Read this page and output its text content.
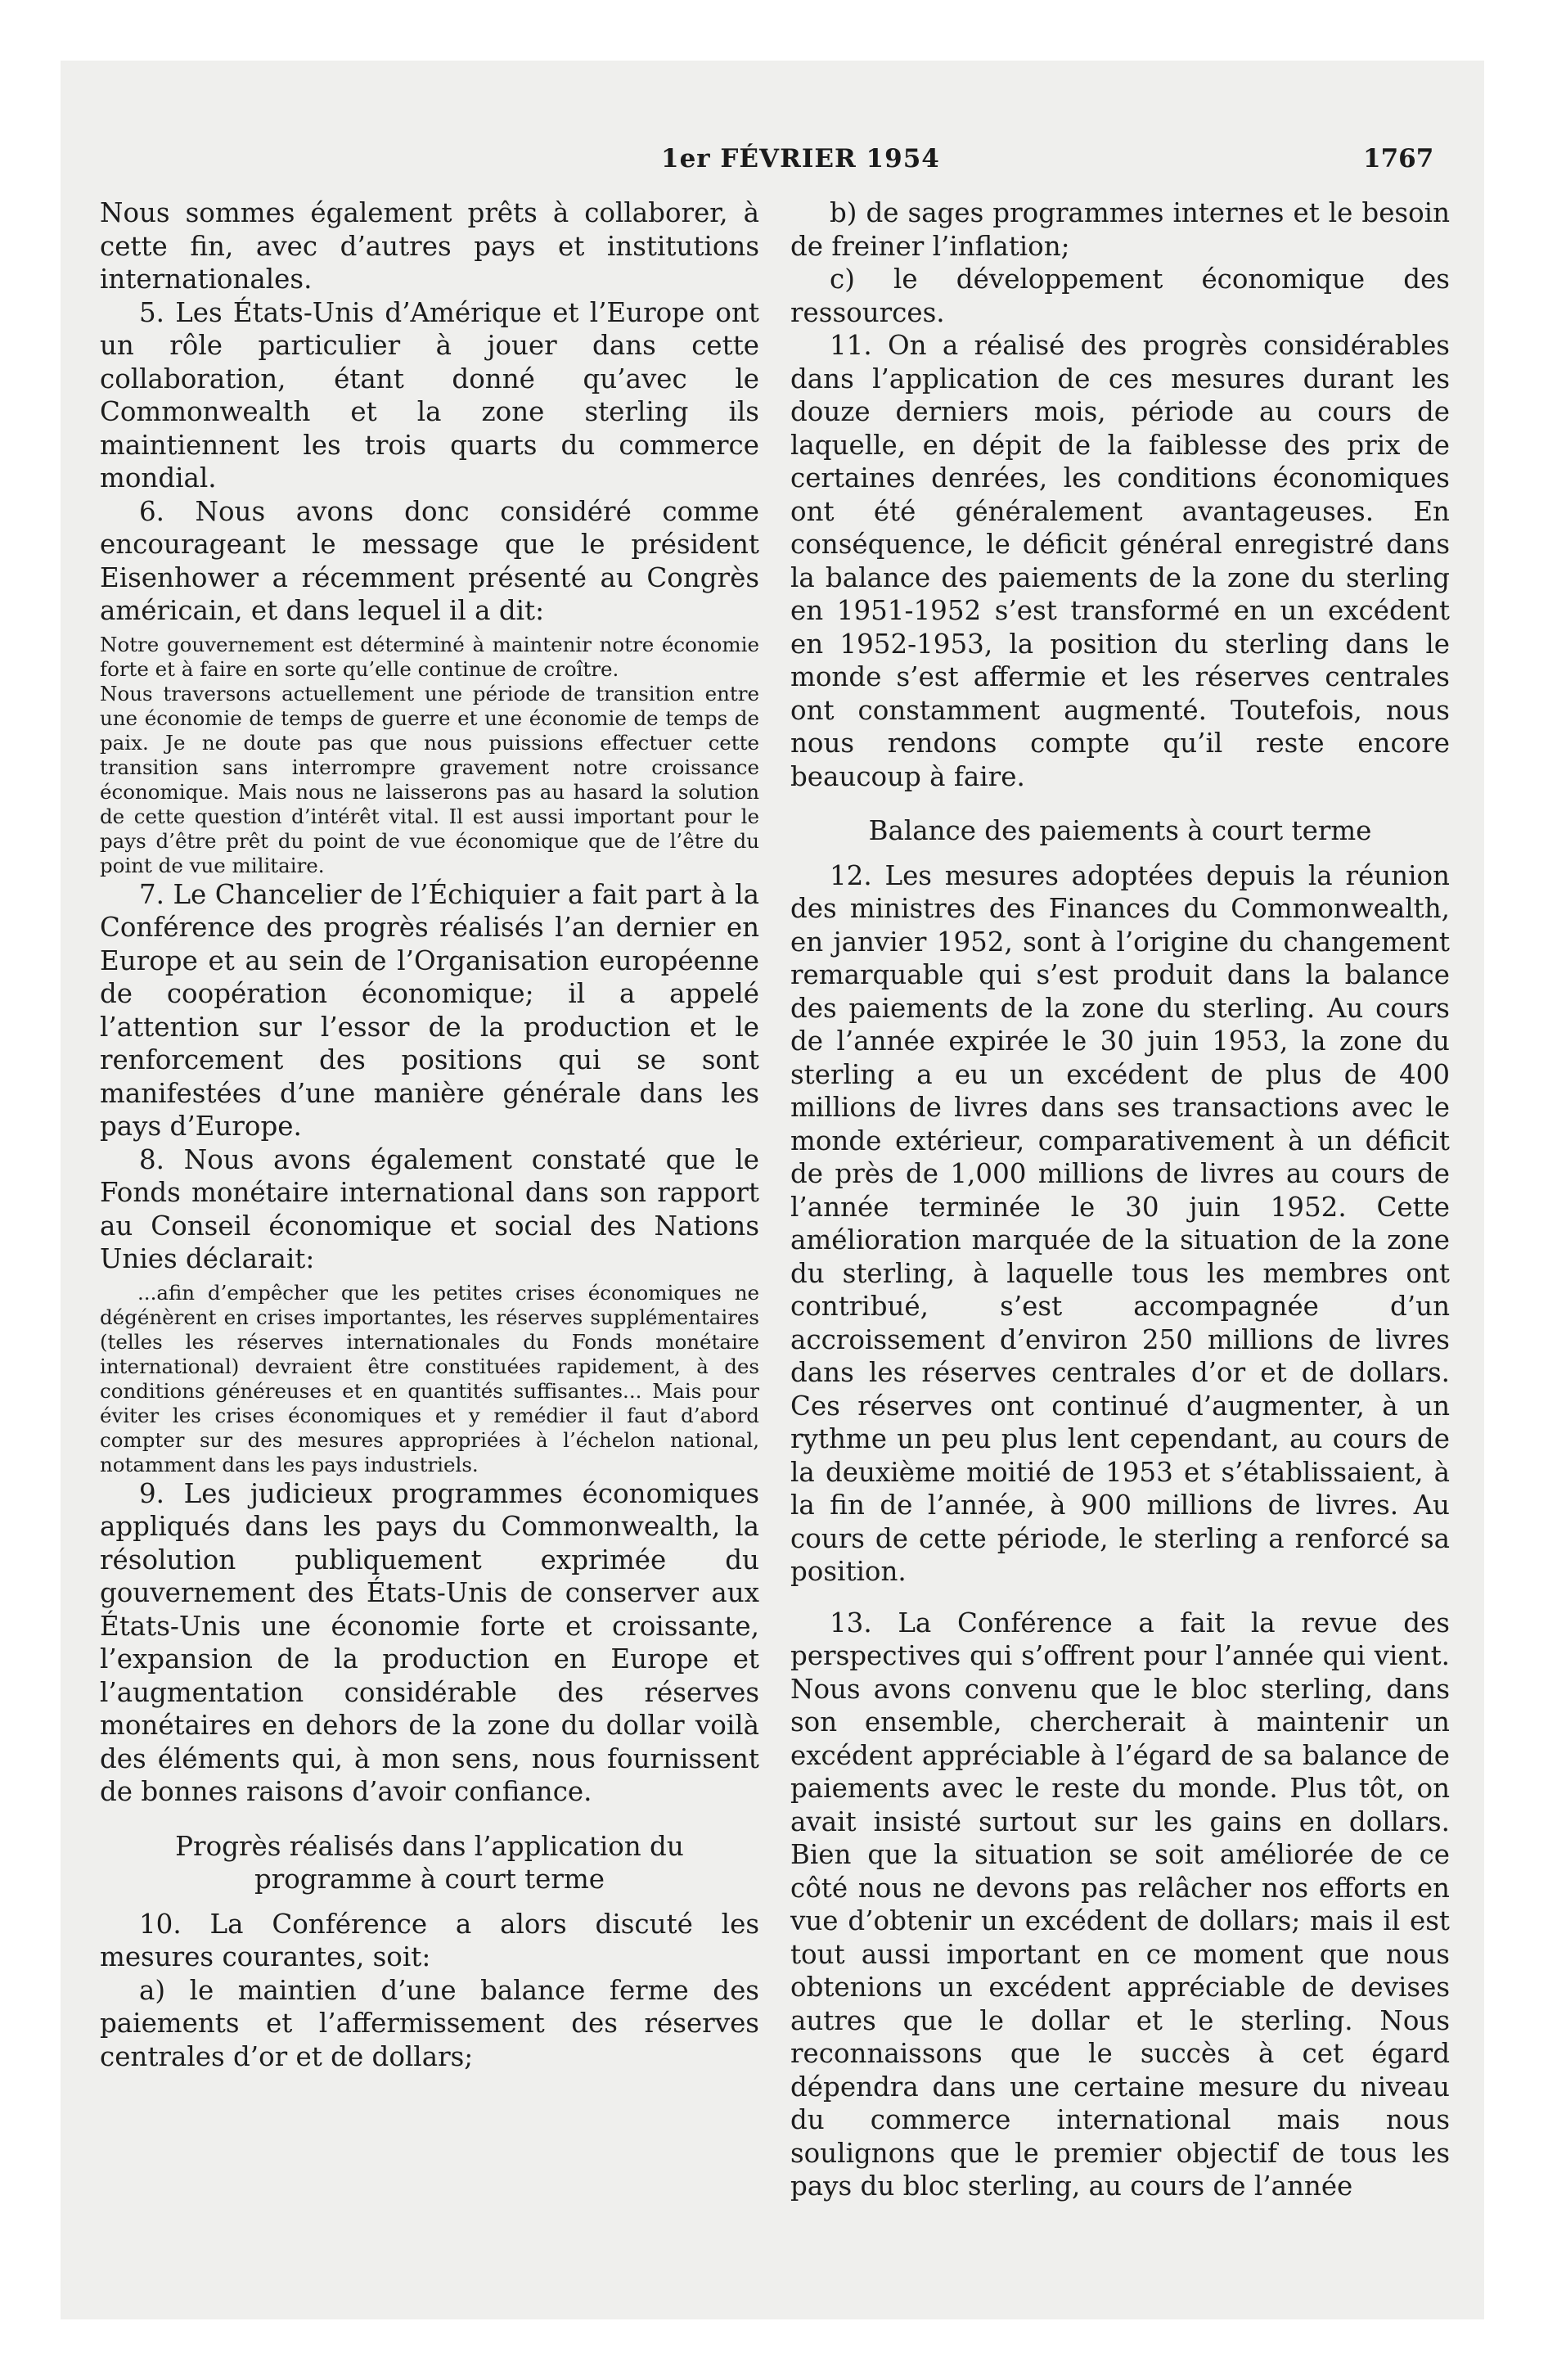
1er FÉVRIER 1954	1767

Nous sommes également prêts à collaborer, à cette fin, avec d’autres pays et institutions internationales.

5. Les États-Unis d’Amérique et l’Europe ont un rôle particulier à jouer dans cette collaboration, étant donné qu’avec le Commonwealth et la zone sterling ils maintiennent les trois quarts du commerce mondial.

6. Nous avons donc considéré comme encourageant le message que le président Eisenhower a récemment présenté au Congrès américain, et dans lequel il a dit:

Notre gouvernement est déterminé à maintenir notre économie forte et à faire en sorte qu’elle continue de croître.

Nous traversons actuellement une période de transition entre une économie de temps de guerre et une économie de temps de paix. Je ne doute pas que nous puissions effectuer cette transition sans interrompre gravement notre croissance économique. Mais nous ne laisserons pas au hasard la solution de cette question d’intérêt vital. Il est aussi important pour le pays d’être prêt du point de vue économique que de l’être du point de vue militaire.

7. Le Chancelier de l’Échiquier a fait part à la Conférence des progrès réalisés l’an dernier en Europe et au sein de l’Organisation européenne de coopération économique; il a appelé l’attention sur l’essor de la production et le renforcement des positions qui se sont manifestées d’une manière générale dans les pays d’Europe.

8. Nous avons également constaté que le Fonds monétaire international dans son rapport au Conseil économique et social des Nations Unies déclarait:

...afin d’empêcher que les petites crises économiques ne dégénèrent en crises importantes, les réserves supplémentaires (telles les réserves internationales du Fonds monétaire international) devraient être constituées rapidement, à des conditions généreuses et en quantités suffisantes... Mais pour éviter les crises économiques et y remédier il faut d’abord compter sur des mesures appropriées à l’échelon national, notamment dans les pays industriels.

9. Les judicieux programmes économiques appliqués dans les pays du Commonwealth, la résolution publiquement exprimée du gouvernement des États-Unis de conserver aux États-Unis une économie forte et croissante, l’expansion de la production en Europe et l’augmentation considérable des réserves monétaires en dehors de la zone du dollar voilà des éléments qui, à mon sens, nous fournissent de bonnes raisons d’avoir confiance.

Progrès réalisés dans l’application du programme à court terme

10. La Conférence a alors discuté les mesures courantes, soit:

a) le maintien d’une balance ferme des paiements et l’affermissement des réserves centrales d’or et de dollars;

b) de sages programmes internes et le besoin de freiner l’inflation;

c) le développement économique des ressources.

11. On a réalisé des progrès considérables dans l’application de ces mesures durant les douze derniers mois, période au cours de laquelle, en dépit de la faiblesse des prix de certaines denrées, les conditions économiques ont été généralement avantageuses. En conséquence, le déficit général enregistré dans la balance des paiements de la zone du sterling en 1951-1952 s’est transformé en un excédent en 1952-1953, la position du sterling dans le monde s’est affermie et les réserves centrales ont constamment augmenté. Toutefois, nous nous rendons compte qu’il reste encore beaucoup à faire.

Balance des paiements à court terme

12. Les mesures adoptées depuis la réunion des ministres des Finances du Commonwealth, en janvier 1952, sont à l’origine du changement remarquable qui s’est produit dans la balance des paiements de la zone du sterling. Au cours de l’année expirée le 30 juin 1953, la zone du sterling a eu un excédent de plus de 400 millions de livres dans ses transactions avec le monde extérieur, comparativement à un déficit de près de 1,000 millions de livres au cours de l’année terminée le 30 juin 1952. Cette amélioration marquée de la situation de la zone du sterling, à laquelle tous les membres ont contribué, s’est accompagnée d’un accroissement d’environ 250 millions de livres dans les réserves centrales d’or et de dollars. Ces réserves ont continué d’augmenter, à un rythme un peu plus lent cependant, au cours de la deuxième moitié de 1953 et s’établissaient, à la fin de l’année, à 900 millions de livres. Au cours de cette période, le sterling a renforcé sa position.

13. La Conférence a fait la revue des perspectives qui s’offrent pour l’année qui vient. Nous avons convenu que le bloc sterling, dans son ensemble, chercherait à maintenir un excédent appréciable à l’égard de sa balance de paiements avec le reste du monde. Plus tôt, on avait insisté surtout sur les gains en dollars. Bien que la situation se soit améliorée de ce côté nous ne devons pas relâcher nos efforts en vue d’obtenir un excédent de dollars; mais il est tout aussi important en ce moment que nous obtenions un excédent appréciable de devises autres que le dollar et le sterling. Nous reconnaissons que le succès à cet égard dépendra dans une certaine mesure du niveau du commerce international mais nous soulignons que le premier objectif de tous les pays du bloc sterling, au cours de l’année
